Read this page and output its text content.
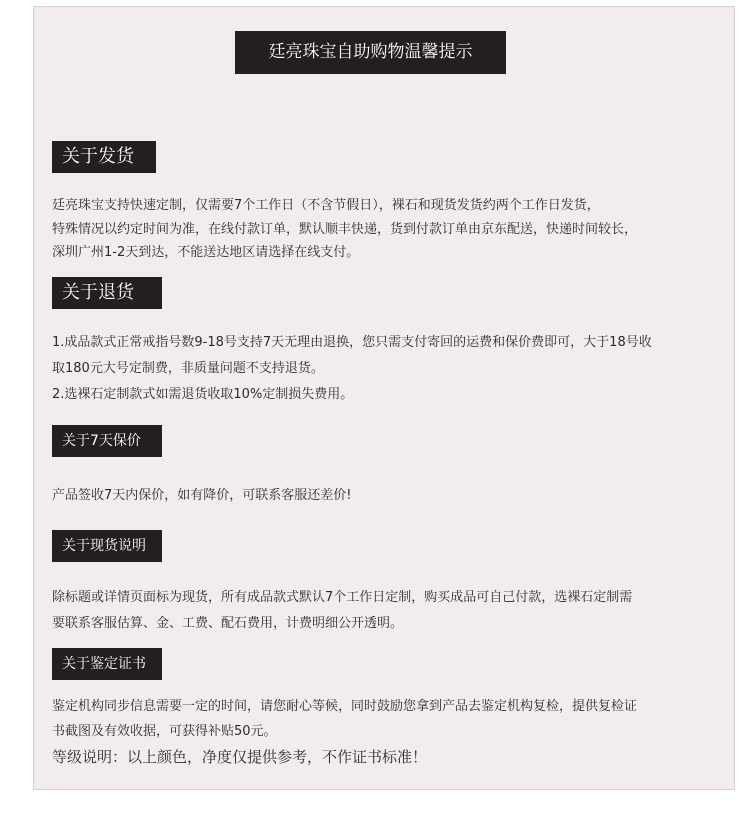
廷亮珠宝自助购物温馨提示
关于发货
廷亮珠宝支持快速定制，仅需要7个工作日（不含节假日），裸石和现货发货约两个工作日发货，
特殊情况以约定时间为准，在线付款订单，默认顺丰快递，货到付款订单由京东配送，快递时间较长，
深圳广州1-2天到达，不能送达地区请选择在线支付。
关于退货
1.成品款式正常戒指号数9-18号支持7天无理由退换，您只需支付寄回的运费和保价费即可，大于18号收
取180元大号定制费，非质量问题不支持退货。
2.选裸石定制款式如需退货收取10%定制损失费用。
关于7天保价
产品签收7天内保价，如有降价，可联系客服还差价!
关于现货说明
除标题或详情页面标为现货，所有成品款式默认7个工作日定制，购买成品可自己付款，选裸石定制需
要联系客服估算、金、工费、配石费用，计费明细公开透明。
关于鉴定证书
鉴定机构同步信息需要一定的时间，请您耐心等候，同时鼓励您拿到产品去鉴定机构复检，提供复检证
书截图及有效收据，可获得补贴50元。
等级说明：以上颜色，净度仅提供参考，不作证书标准！
